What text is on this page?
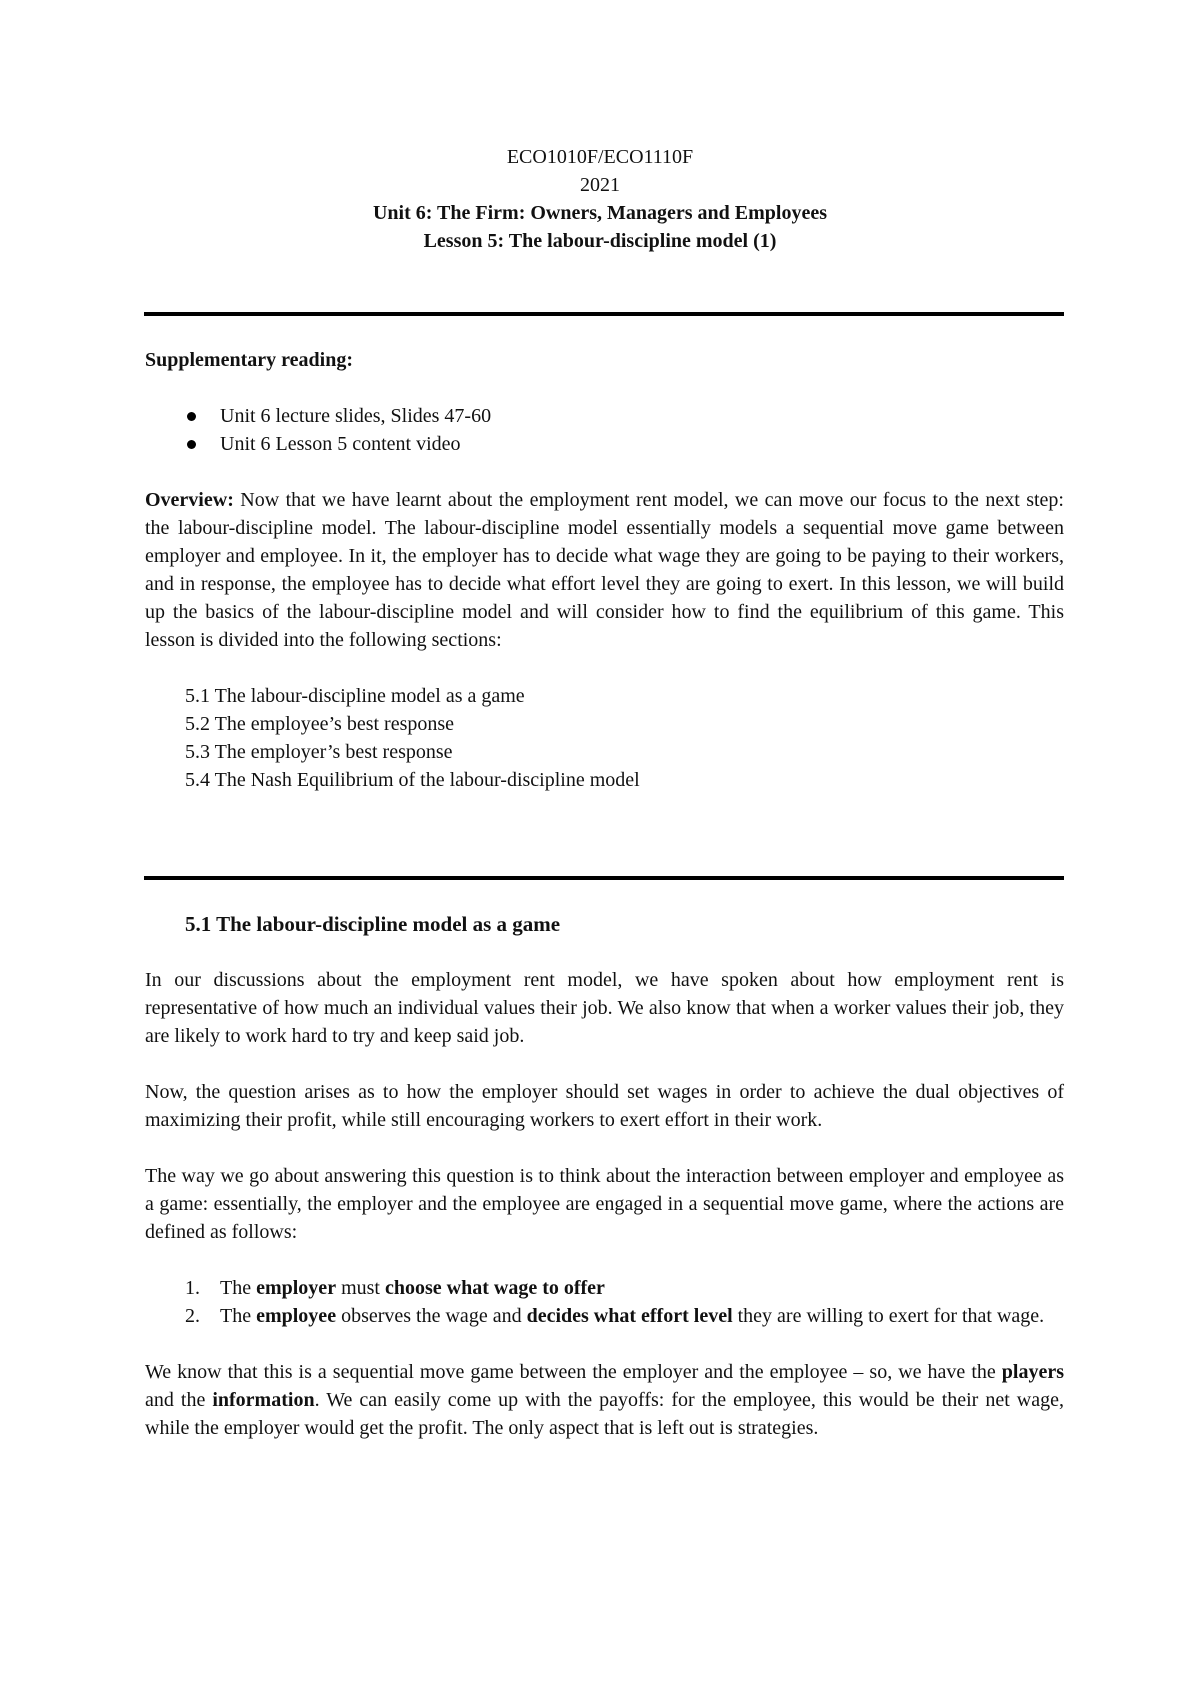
ECO1010F/ECO1110F
2021
Unit 6: The Firm: Owners, Managers and Employees
Lesson 5: The labour-discipline model (1)

Supplementary reading:

Unit 6 lecture slides, Slides 47-60
Unit 6 Lesson 5 content video

Overview: Now that we have learnt about the employment rent model, we can move our focus to the next step: the labour-discipline model. The labour-discipline model essentially models a sequential move game between employer and employee. In it, the employer has to decide what wage they are going to be paying to their workers, and in response, the employee has to decide what effort level they are going to exert. In this lesson, we will build up the basics of the labour-discipline model and will consider how to find the equilibrium of this game. This lesson is divided into the following sections:

5.1 The labour-discipline model as a game
5.2 The employee’s best response
5.3 The employer’s best response
5.4 The Nash Equilibrium of the labour-discipline model

5.1 The labour-discipline model as a game

In our discussions about the employment rent model, we have spoken about how employment rent is representative of how much an individual values their job. We also know that when a worker values their job, they are likely to work hard to try and keep said job.

Now, the question arises as to how the employer should set wages in order to achieve the dual objectives of maximizing their profit, while still encouraging workers to exert effort in their work.

The way we go about answering this question is to think about the interaction between employer and employee as a game: essentially, the employer and the employee are engaged in a sequential move game, where the actions are defined as follows:

1. The employer must choose what wage to offer
2. The employee observes the wage and decides what effort level they are willing to exert for that wage.

We know that this is a sequential move game between the employer and the employee – so, we have the players and the information. We can easily come up with the payoffs: for the employee, this would be their net wage, while the employer would get the profit. The only aspect that is left out is strategies.
